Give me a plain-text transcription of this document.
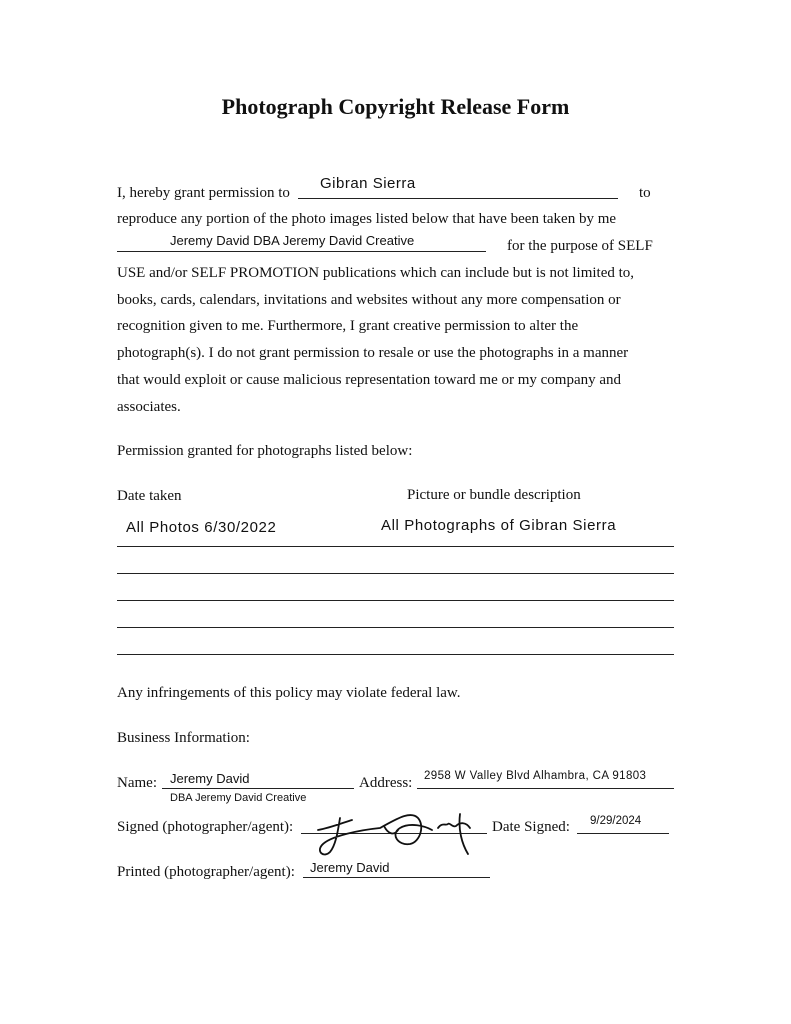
Photograph Copyright Release Form
I, hereby grant permission to
Gibran Sierra
to
reproduce any portion of the photo images listed below that have been taken by me
Jeremy David DBA Jeremy David Creative	for the purpose of SELF
USE and/or SELF PROMOTION publications which can include but is not limited to,
books, cards, calendars, invitations and websites without any more compensation or
recognition given to me. Furthermore, I grant creative permission to alter the
photograph(s). I do not grant permission to resale or use the photographs in a manner
that would exploit or cause malicious representation toward me or my company and
associates.
Permission granted for photographs listed below:
Date taken	Picture or bundle description
All Photos 6/30/2022	All Photographs of Gibran Sierra
Any infringements of this policy may violate federal law.
Business Information:
Name: Jeremy David
DBA Jeremy David Creative
Address: 2958 W Valley Blvd Alhambra, CA 91803
Signed (photographer/agent):	Date Signed: 9/29/2024
Printed (photographer/agent): Jeremy David
